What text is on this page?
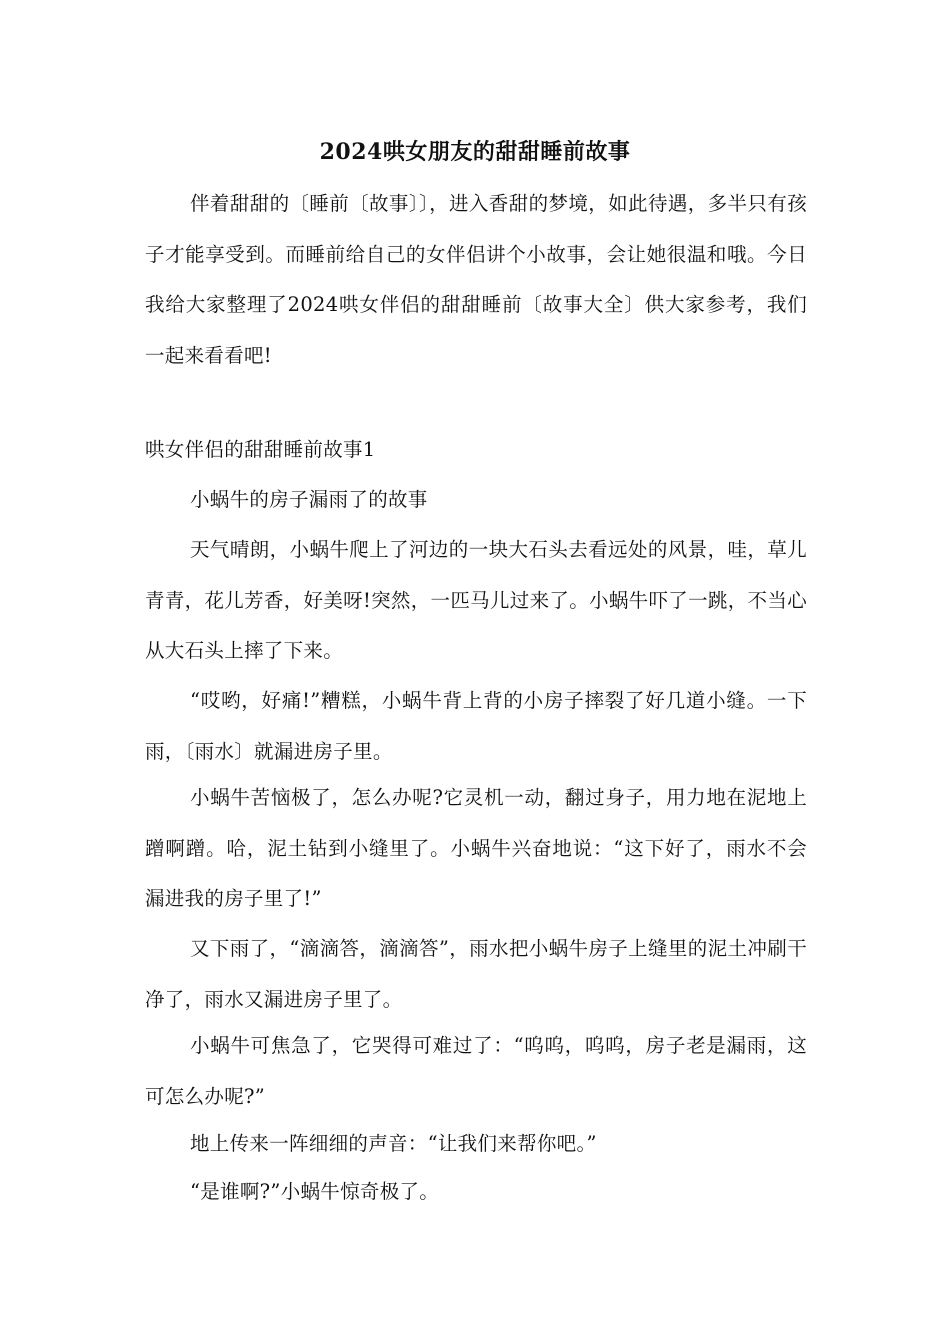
2024哄女朋友的甜甜睡前故事

伴着甜甜的〔睡前〔故事〕〕，进入香甜的梦境，如此待遇，多半只有孩子才能享受到。而睡前给自己的女伴侣讲个小故事，会让她很温和哦。今日我给大家整理了2024哄女伴侣的甜甜睡前〔故事大全〕供大家参考，我们一起来看看吧!

哄女伴侣的甜甜睡前故事1

小蜗牛的房子漏雨了的故事

天气晴朗，小蜗牛爬上了河边的一块大石头去看远处的风景，哇，草儿青青，花儿芳香，好美呀!突然，一匹马儿过来了。小蜗牛吓了一跳，不当心从大石头上摔了下来。

“哎哟，好痛!”糟糕，小蜗牛背上背的小房子摔裂了好几道小缝。一下雨，〔雨水〕就漏进房子里。

小蜗牛苦恼极了，怎么办呢?它灵机一动，翻过身子，用力地在泥地上蹭啊蹭。哈，泥土钻到小缝里了。小蜗牛兴奋地说：“这下好了，雨水不会漏进我的房子里了!”

又下雨了，“滴滴答，滴滴答”，雨水把小蜗牛房子上缝里的泥土冲刷干净了，雨水又漏进房子里了。

小蜗牛可焦急了，它哭得可难过了：“呜呜，呜呜，房子老是漏雨，这可怎么办呢?”

地上传来一阵细细的声音：“让我们来帮你吧。”

“是谁啊?”小蜗牛惊奇极了。
